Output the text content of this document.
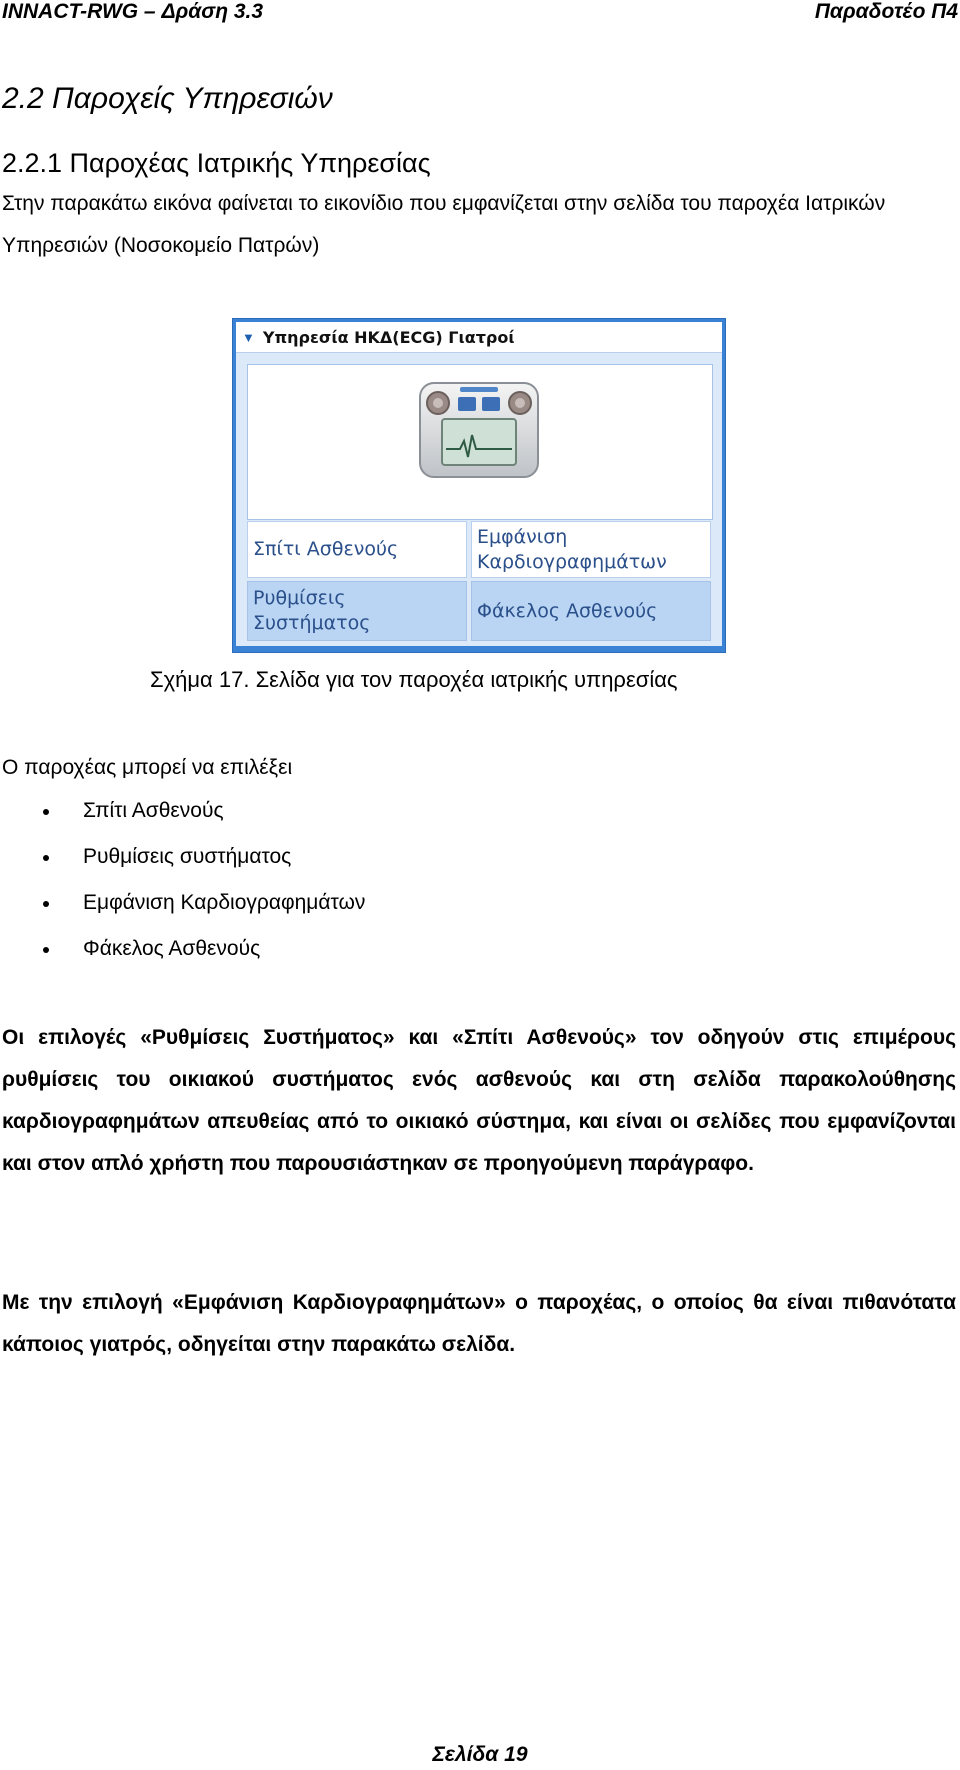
INNACT-RWG – Δράση 3.3	Παραδοτέο Π4
2.2 Παροχείς Υπηρεσιών
2.2.1 Παροχέας Ιατρικής Υπηρεσίας
Στην παρακάτω εικόνα φαίνεται το εικονίδιο που εμφανίζεται στην σελίδα του παροχέα Ιατρικών Υπηρεσιών (Νοσοκομείο Πατρών)
▼ Υπηρεσία ΗΚΔ(ECG) Γιατροί
Σπίτι Ασθενούς
Εμφάνιση Καρδιογραφημάτων
Ρυθμίσεις Συστήματος
Φάκελος Ασθενούς
Σχήμα 17. Σελίδα για τον παροχέα ιατρικής υπηρεσίας
Ο παροχέας μπορεί να επιλέξει
Σπίτι Ασθενούς
Ρυθμίσεις συστήματος
Εμφάνιση Καρδιογραφημάτων
Φάκελος Ασθενούς
Οι επιλογές «Ρυθμίσεις Συστήματος» και «Σπίτι Ασθενούς» τον οδηγούν στις επιμέρους ρυθμίσεις του οικιακού συστήματος ενός ασθενούς και στη σελίδα παρακολούθησης καρδιογραφημάτων απευθείας από το οικιακό σύστημα, και είναι οι σελίδες που εμφανίζονται και στον απλό χρήστη που παρουσιάστηκαν σε προηγούμενη παράγραφο.
Με την επιλογή «Εμφάνιση Καρδιογραφημάτων» ο παροχέας, ο οποίος θα είναι πιθανότατα κάποιος γιατρός, οδηγείται στην παρακάτω σελίδα.
Σελίδα 19
